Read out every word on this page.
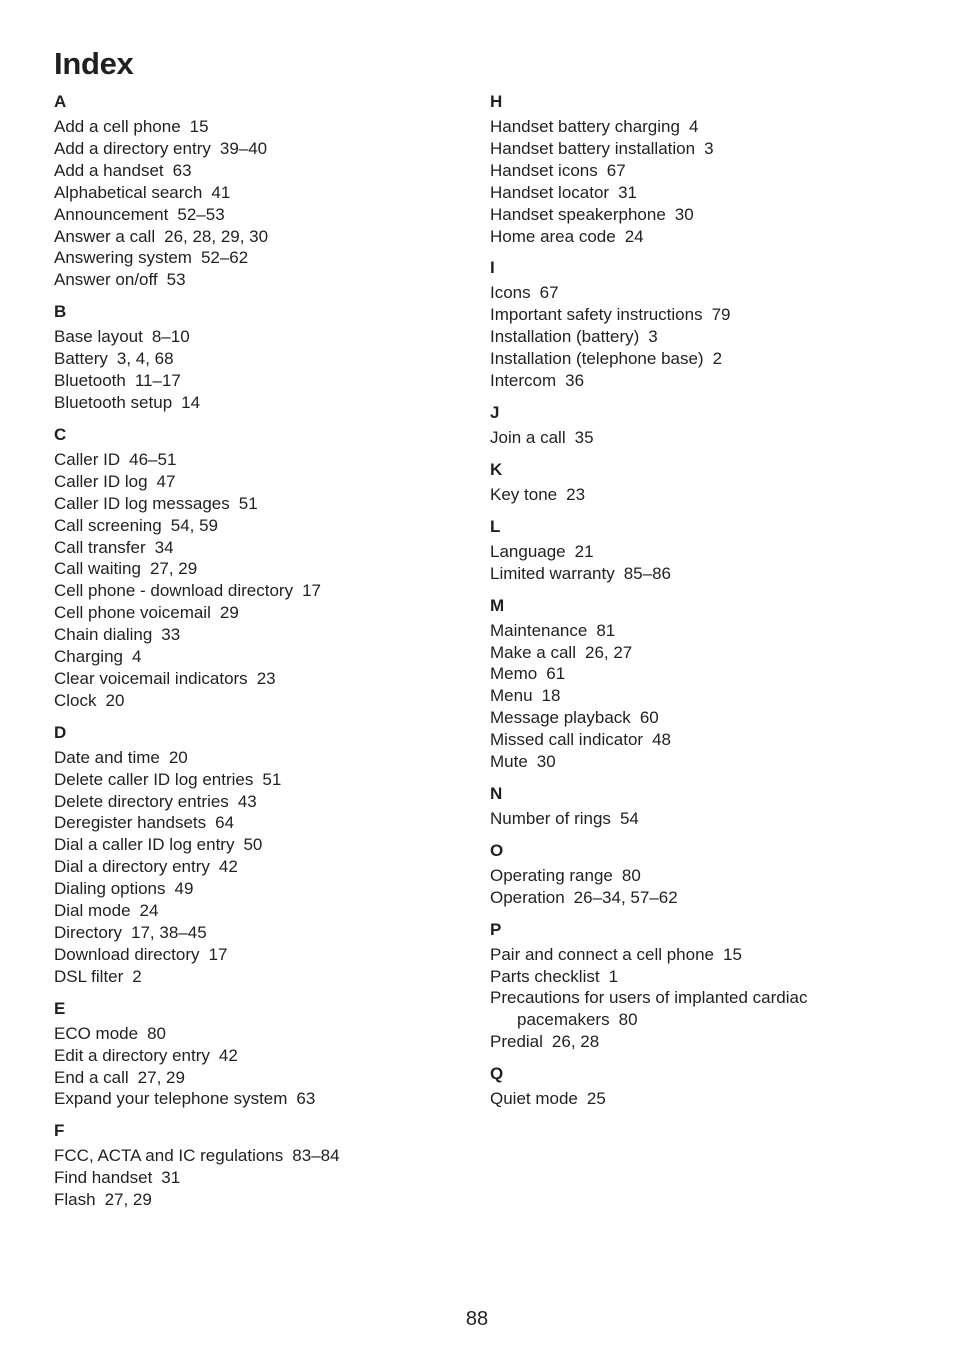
Index
A
Add a cell phone 15
Add a directory entry 39–40
Add a handset 63
Alphabetical search 41
Announcement 52–53
Answer a call 26, 28, 29, 30
Answering system 52–62
Answer on/off 53
B
Base layout 8–10
Battery 3, 4, 68
Bluetooth 11–17
Bluetooth setup 14
C
Caller ID 46–51
Caller ID log 47
Caller ID log messages 51
Call screening 54, 59
Call transfer 34
Call waiting 27, 29
Cell phone - download directory 17
Cell phone voicemail 29
Chain dialing 33
Charging 4
Clear voicemail indicators 23
Clock 20
D
Date and time 20
Delete caller ID log entries 51
Delete directory entries 43
Deregister handsets 64
Dial a caller ID log entry 50
Dial a directory entry 42
Dialing options 49
Dial mode 24
Directory 17, 38–45
Download directory 17
DSL filter 2
E
ECO mode 80
Edit a directory entry 42
End a call 27, 29
Expand your telephone system 63
F
FCC, ACTA and IC regulations 83–84
Find handset 31
Flash 27, 29
H
Handset battery charging 4
Handset battery installation 3
Handset icons 67
Handset locator 31
Handset speakerphone 30
Home area code 24
I
Icons 67
Important safety instructions 79
Installation (battery) 3
Installation (telephone base) 2
Intercom 36
J
Join a call 35
K
Key tone 23
L
Language 21
Limited warranty 85–86
M
Maintenance 81
Make a call 26, 27
Memo 61
Menu 18
Message playback 60
Missed call indicator 48
Mute 30
N
Number of rings 54
O
Operating range 80
Operation 26–34, 57–62
P
Pair and connect a cell phone 15
Parts checklist 1
Precautions for users of implanted cardiac
pacemakers 80
Predial 26, 28
Q
Quiet mode 25
88
